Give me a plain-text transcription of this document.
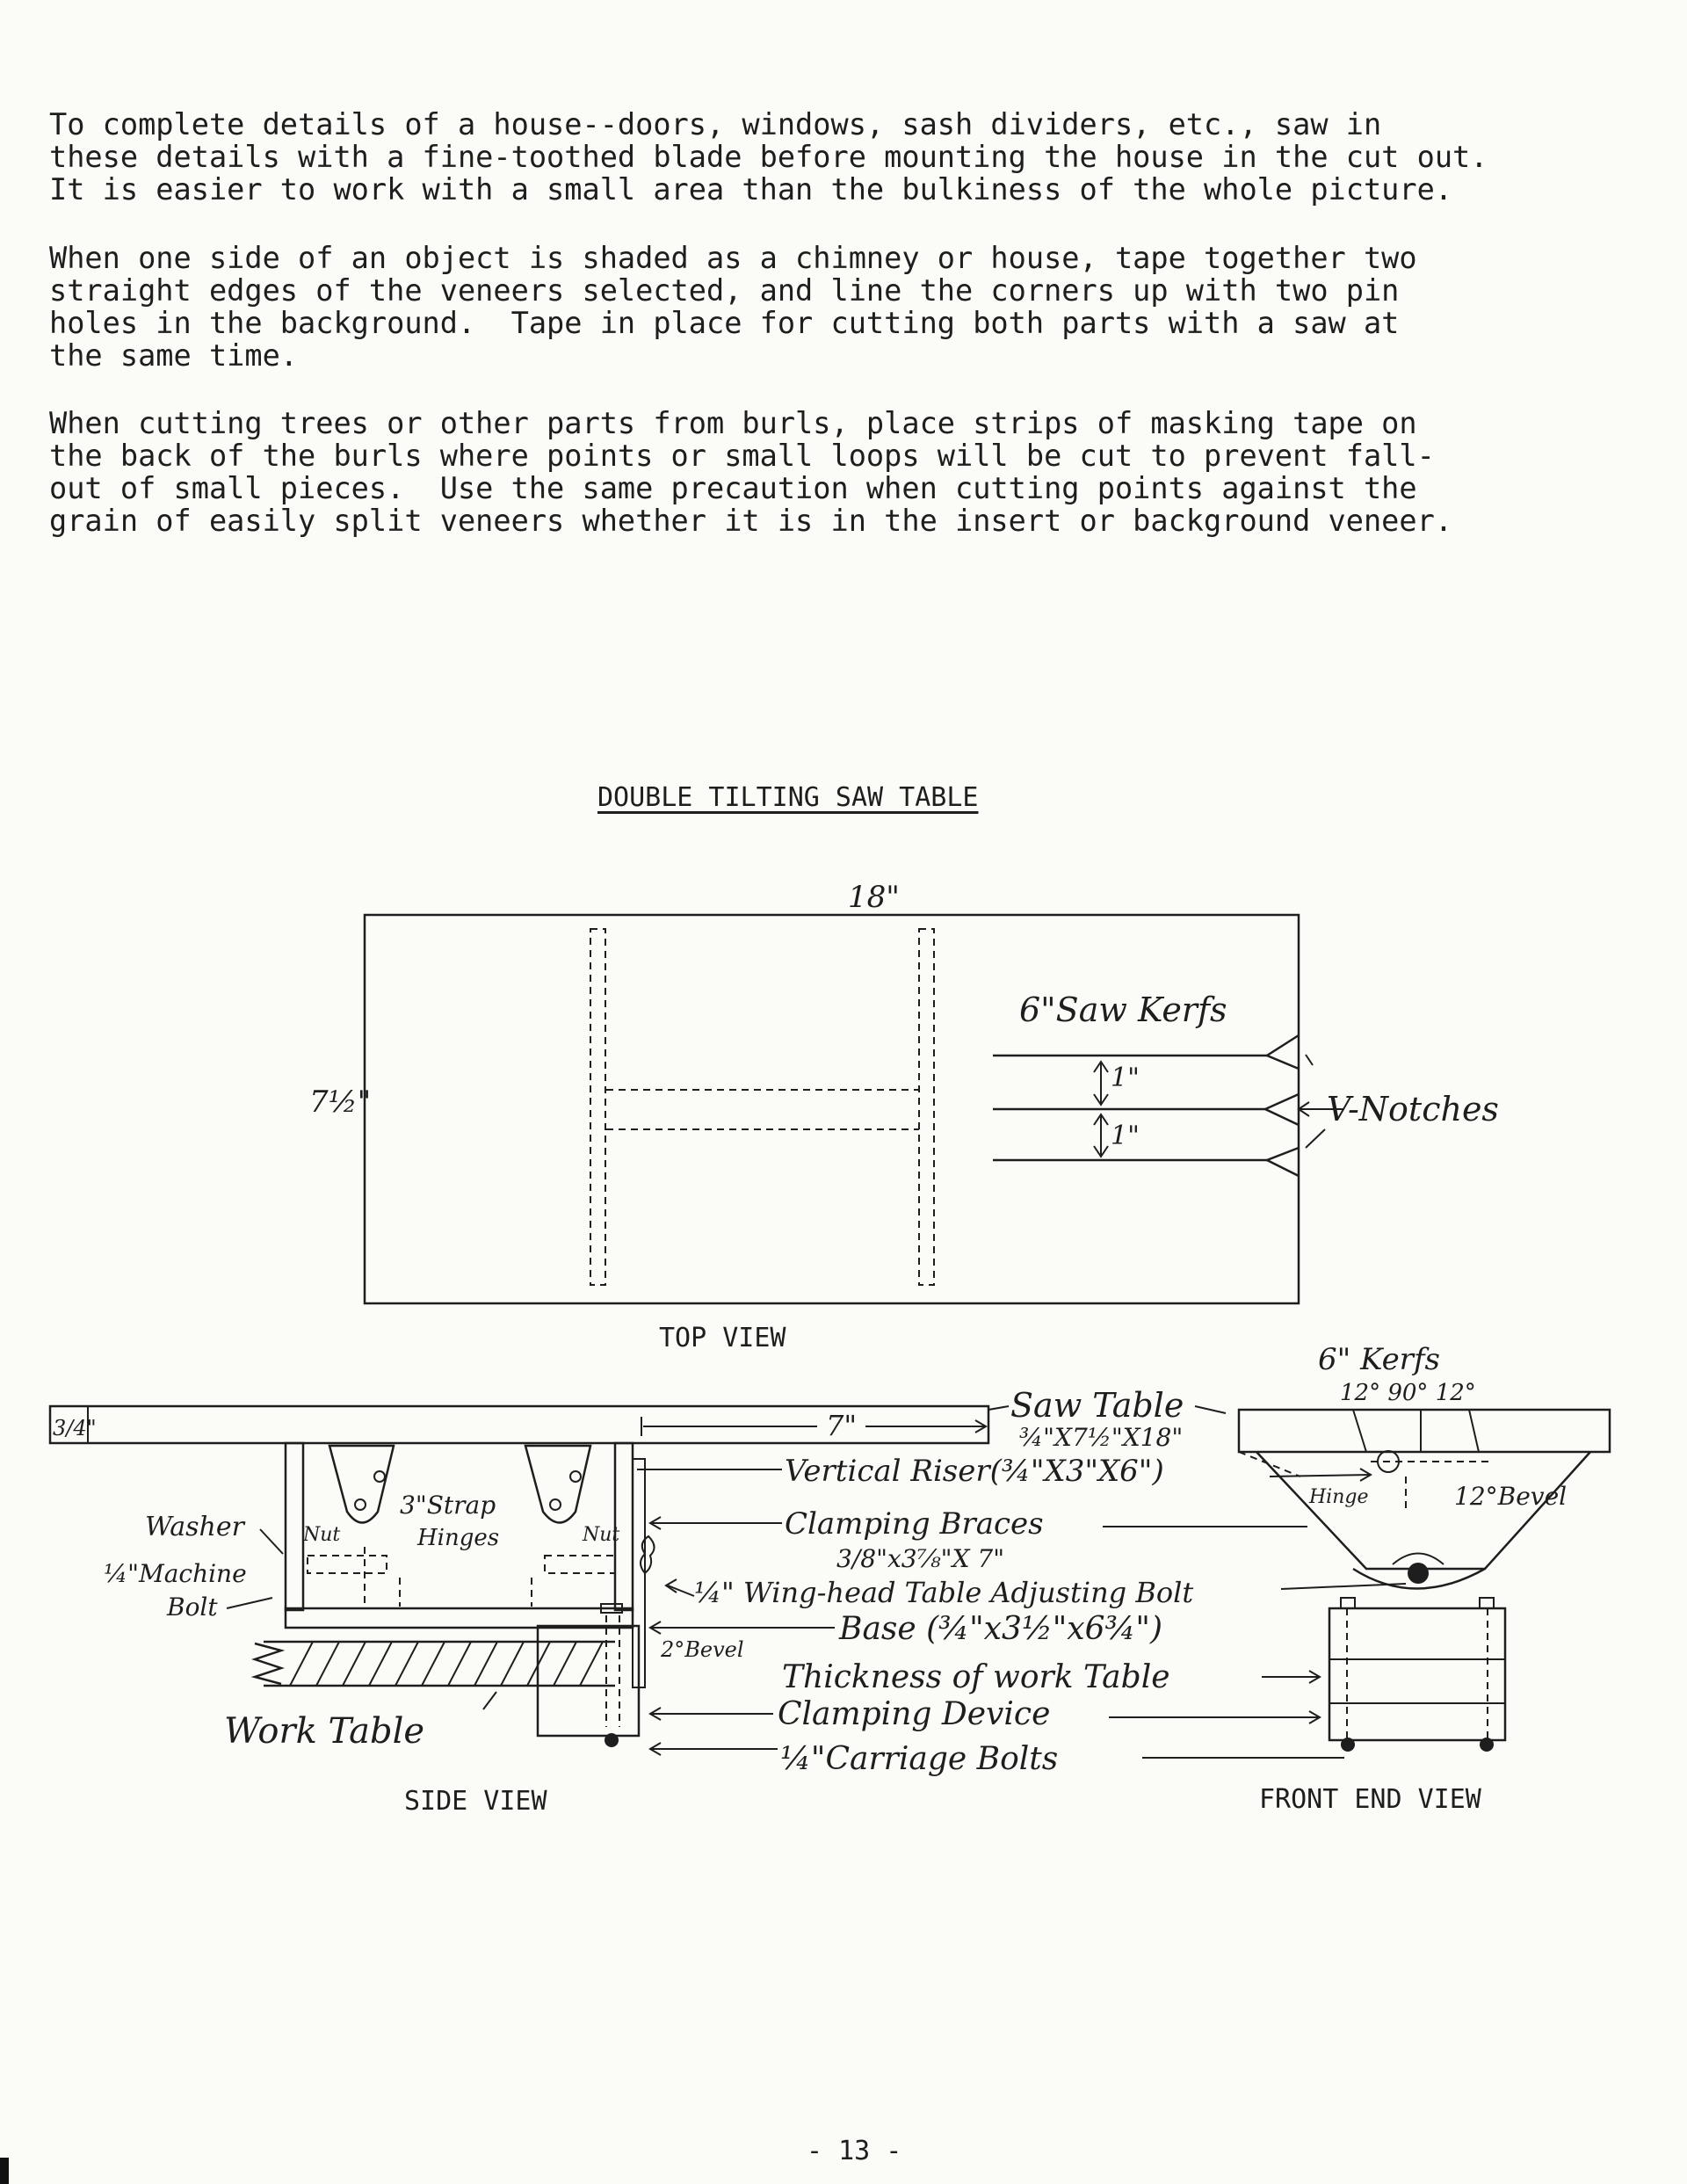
To complete details of a house--doors, windows, sash dividers, etc., saw in
these details with a fine-toothed blade before mounting the house in the cut out.
It is easier to work with a small area than the bulkiness of the whole picture.
When one side of an object is shaded as a chimney or house, tape together two
straight edges of the veneers selected, and line the corners up with two pin
holes in the background.  Tape in place for cutting both parts with a saw at
the same time.
When cutting trees or other parts from burls, place strips of masking tape on
the back of the burls where points or small loops will be cut to prevent fall-
out of small pieces.  Use the same precaution when cutting points against the
grain of easily split veneers whether it is in the insert or background veneer.
DOUBLE TILTING SAW TABLE
18"
7½"
6"Saw Kerfs
1"
1"
V-Notches
3/4"	7"
Washer
¼"Machine
Bolt
Nut	Nut
3"Strap
Hinges
Work Table
2°Bevel
Saw Table
¾"X7½"X18"
Vertical Riser(¾"X3"X6")
Clamping Braces
3/8"x3⅞"X 7"
¼" Wing-head Table Adjusting Bolt
Base (¾"x3½"x6¾")
Thickness of work Table
Clamping Device
¼"Carriage Bolts
6" Kerfs
12° 90° 12°
Hinge	12°Bevel
TOP VIEW
SIDE VIEW	FRONT END VIEW
- 13 -
